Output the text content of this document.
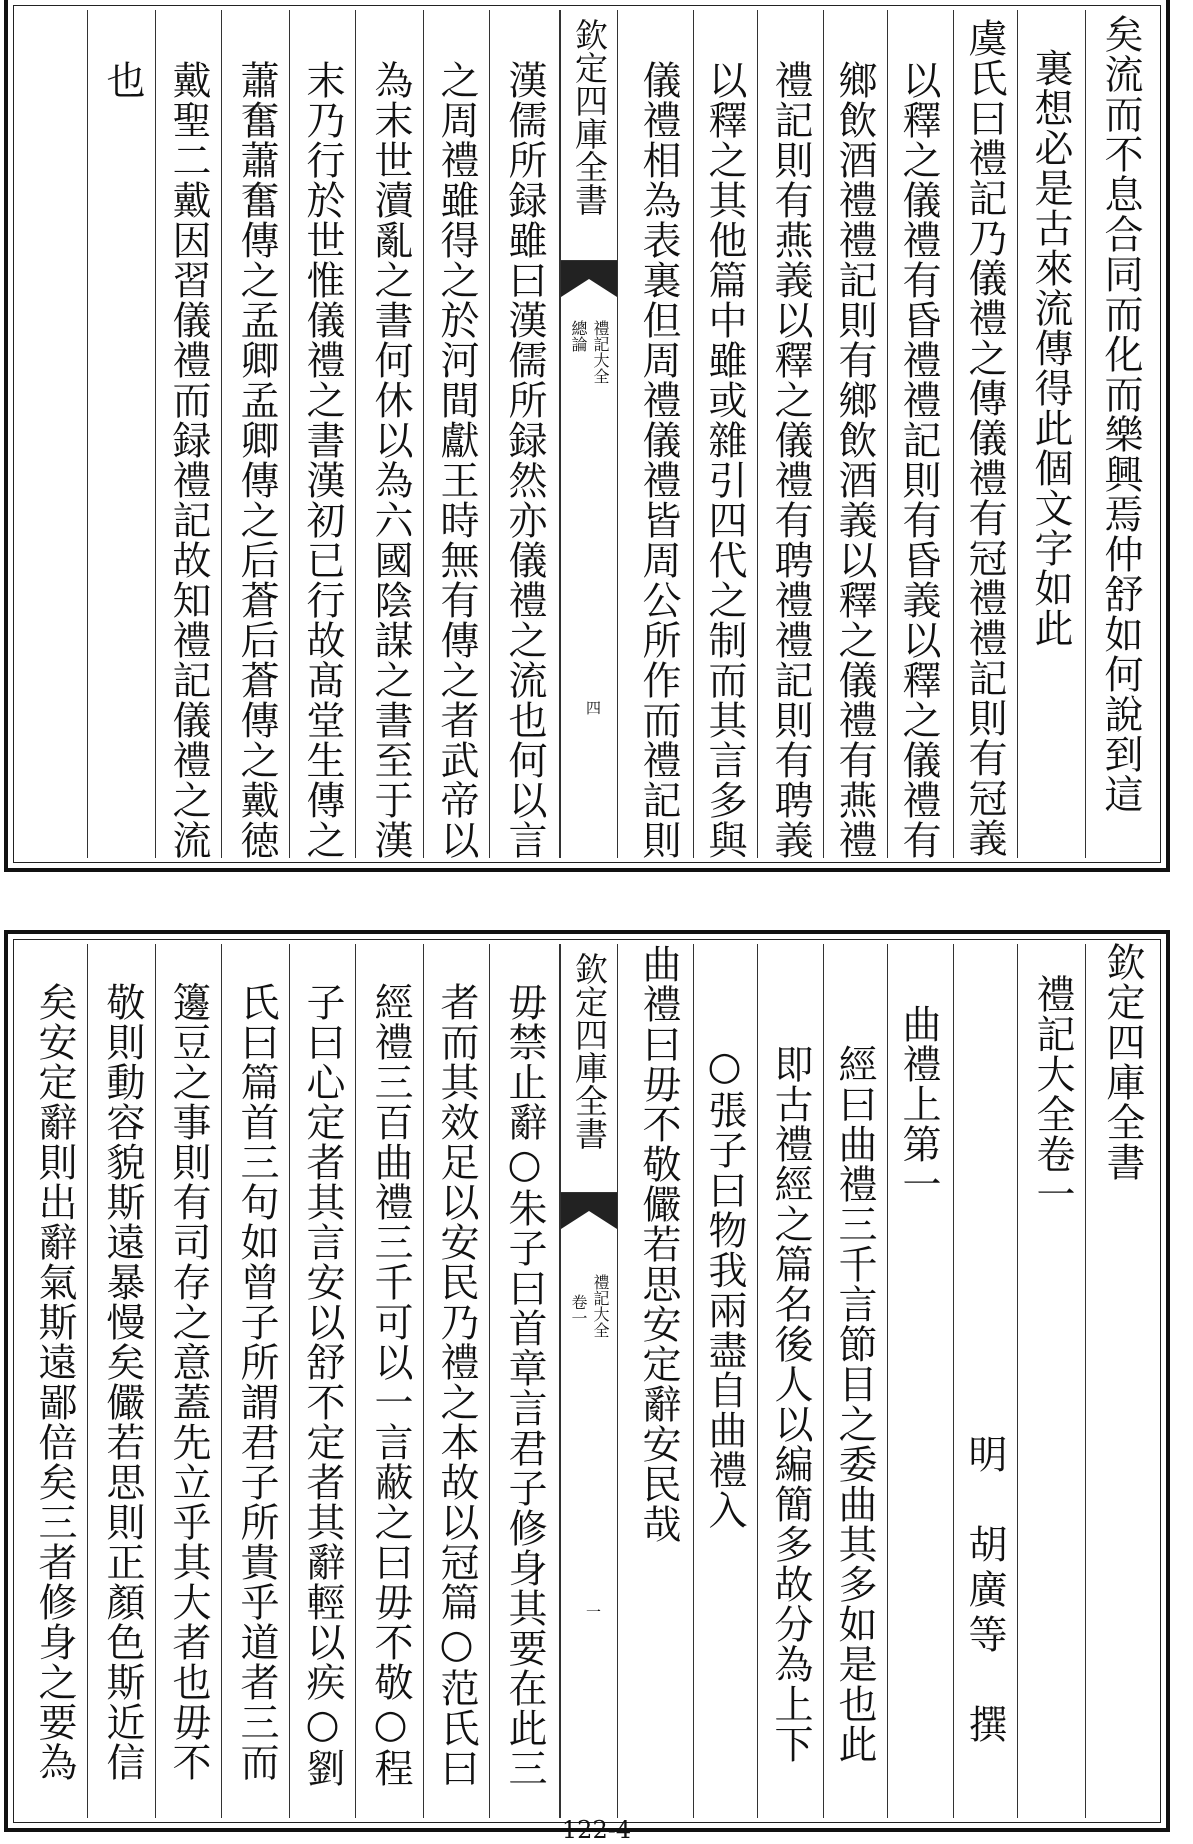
矣流而不息合同而化而樂興焉仲舒如何說到這
裏想必是古來流傳得此個文字如此
虞氏曰禮記乃儀禮之傳儀禮有冠禮禮記則有冠義
以釋之儀禮有昏禮禮記則有昏義以釋之儀禮有
鄉飲酒禮禮記則有鄉飲酒義以釋之儀禮有燕禮
禮記則有燕義以釋之儀禮有聘禮禮記則有聘義
以釋之其他篇中雖或雜引四代之制而其言多與
儀禮相為表裏但周禮儀禮皆周公所作而禮記則
欽定四庫全書
禮記大全
總論
四
漢儒所録雖曰漢儒所録然亦儀禮之流也何以言
之周禮雖得之於河間獻王時無有傳之者武帝以
為末世瀆亂之書何休以為六國陰謀之書至于漢
末乃行於世惟儀禮之書漢初已行故髙堂生傳之
蕭奮蕭奮傳之孟卿孟卿傳之后蒼后蒼傳之戴徳
戴聖二戴因習儀禮而録禮記故知禮記儀禮之流
也
欽定四庫全書
禮記大全卷一
明　胡廣等　撰
曲禮上第一
經曰曲禮三千言節目之委曲其多如是也此
即古禮經之篇名後人以編簡多故分為上下
○張子曰物我兩盡自曲禮入
曲禮曰毋不敬儼若思安定辭安民哉
欽定四庫全書
禮記大全
卷一
一
毋禁止辭○朱子曰首章言君子修身其要在此三
者而其效足以安民乃禮之本故以冠篇○范氏曰
經禮三百曲禮三千可以一言蔽之曰毋不敬○程
子曰心定者其言安以舒不定者其辭輕以疾○劉
氏曰篇首三句如曾子所謂君子所貴乎道者三而
籩豆之事則有司存之意蓋先立乎其大者也毋不
敬則動容貌斯遠暴慢矣儼若思則正顏色斯近信
矣安定辭則出辭氣斯遠鄙倍矣三者修身之要為
122-4
